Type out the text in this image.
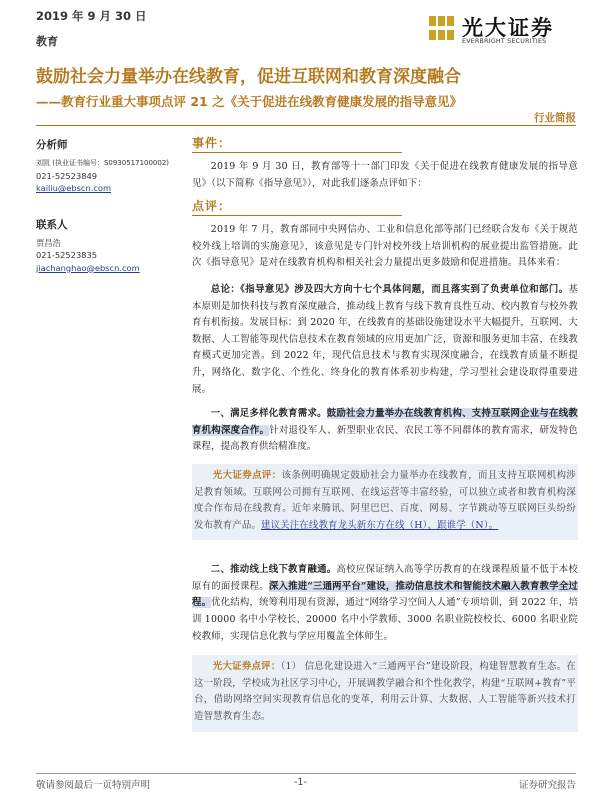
2019 年 9 月 30 日
教育
光大证券
EVERBRIGHT SECURITIES
鼓励社会力量举办在线教育，促进互联网和教育深度融合
——教育行业重大事项点评 21 之《关于促进在线教育健康发展的指导意见》
行业简报
分析师
刘凯 (执业证书编号：S0930517100002)
021-52523849
kailiu@ebscn.com
联系人
贾昌浩
021-52523835
jiachanghao@ebscn.com
事件：
2019 年 9 月 30 日，教育部等十一部门印发《关于促进在线教育健康发展的指导意见》（以下简称《指导意见》），对此我们逐条点评如下：
点评：
2019 年 7 月，教育部同中央网信办、工业和信息化部等部门已经联合发布《关于规范校外线上培训的实施意见》，该意见是专门针对校外线上培训机构的展业提出监管措施。此次《指导意见》是对在线教育机构和相关社会力量提出更多鼓励和促进措施。具体来看：
总论：《指导意见》涉及四大方向十七个具体问题，而且落实到了负责单位和部门。基本原则是加快科技与教育深度融合，推动线上教育与线下教育良性互动、校内教育与校外教育有机衔接。发展目标：到 2020 年，在线教育的基础设施建设水平大幅提升，互联网、大数据、人工智能等现代信息技术在教育领域的应用更加广泛，资源和服务更加丰富，在线教育模式更加完善。到 2022 年，现代信息技术与教育实现深度融合，在线教育质量不断提升，网络化、数字化、个性化、终身化的教育体系初步构建，学习型社会建设取得重要进展。
一、满足多样化教育需求。鼓励社会力量举办在线教育机构、支持互联网企业与在线教育机构深度合作。针对退役军人、新型职业农民、农民工等不同群体的教育需求，研发特色课程，提高教育供给精准度。
光大证券点评：该条例明确规定鼓励社会力量举办在线教育，而且支持互联网机构涉足教育领域。互联网公司拥有互联网、在线运营等丰富经验，可以独立或者和教育机构深度合作布局在线教育。近年来腾讯、阿里巴巴、百度、网易、字节跳动等互联网巨头纷纷发布教育产品。建议关注在线教育龙头新东方在线（H）、跟谁学（N）。
二、推动线上线下教育融通。高校应保证纳入高等学历教育的在线课程质量不低于本校原有的面授课程。深入推进“三通两平台”建设，推动信息技术和智能技术融入教育教学全过程。优化结构，统筹利用现有资源，通过“网络学习空间人人通”专项培训，到 2022 年，培训 10000 名中小学校长、20000 名中小学教师、3000 名职业院校校长、6000 名职业院校教师，实现信息化教与学应用覆盖全体师生。
光大证券点评：（1） 信息化建设进入“三通两平台”建设阶段，构建智慧教育生态。在这一阶段，学校成为社区学习中心，开展调教学融合和个性化教学，构建“互联网+教育”平台，借助网络空间实现教育信息化的变革，利用云计算、大数据、人工智能等新兴技术打造智慧教育生态。
敬请参阅最后一页特别声明	-1-	证券研究报告
